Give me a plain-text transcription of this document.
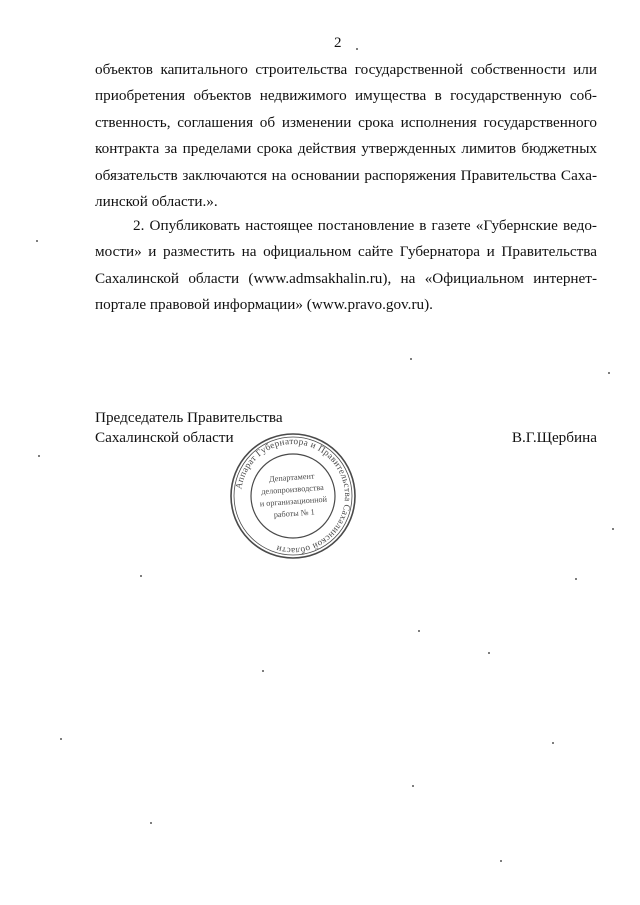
2
объектов капитального строительства государственной собственности или
приобретения объектов недвижимого имущества в государственную соб-
ственность, соглашения об изменении срока исполнения государственного
контракта за пределами срока действия утвержденных лимитов бюджетных
обязательств заключаются на основании распоряжения Правительства Саха-
линской области.».
2. Опубликовать настоящее постановление в газете «Губернские ведо-
мости» и разместить на официальном сайте Губернатора и Правительства
Сахалинской области (www.admsakhalin.ru), на «Официальном интернет-
портале правовой информации» (www.pravo.gov.ru).
Председатель Правительства
Сахалинской области	В.Г.Щербина
Аппарат Губернатора и Правительства Сахалинской области
Департамент
делопроизводства
и организационной
работы № 1
